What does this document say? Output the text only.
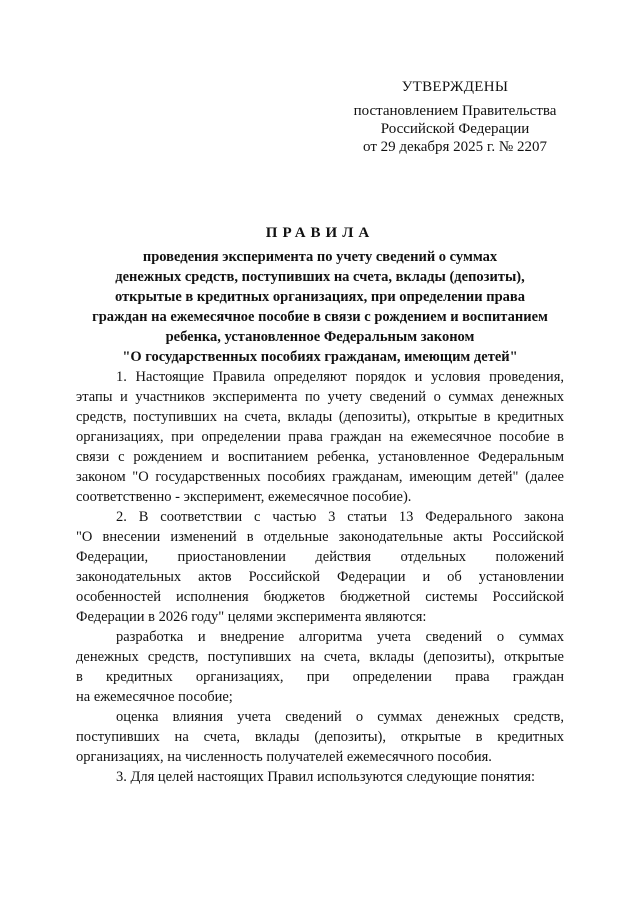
УТВЕРЖДЕНЫ
постановлением Правительства
Российской Федерации
от 29 декабря 2025 г. № 2207
ПРАВИЛА
проведения эксперимента по учету сведений о суммах
денежных средств, поступивших на счета, вклады (депозиты),
открытые в кредитных организациях, при определении права
граждан на ежемесячное пособие в связи с рождением и воспитанием
ребенка, установленное Федеральным законом
"О государственных пособиях гражданам, имеющим детей"
1. Настоящие Правила определяют порядок и условия проведения,
этапы и участников эксперимента по учету сведений о суммах денежных
средств, поступивших на счета, вклады (депозиты), открытые в кредитных
организациях, при определении права граждан на ежемесячное пособие в
связи с рождением и воспитанием ребенка, установленное Федеральным
законом "О государственных пособиях гражданам, имеющим детей" (далее
соответственно - эксперимент, ежемесячное пособие).
2. В соответствии с частью 3 статьи 13 Федерального закона
"О внесении изменений в отдельные законодательные акты Российской
Федерации, приостановлении действия отдельных положений
законодательных актов Российской Федерации и об установлении
особенностей исполнения бюджетов бюджетной системы Российской
Федерации в 2026 году" целями эксперимента являются:
разработка и внедрение алгоритма учета сведений о суммах
денежных средств, поступивших на счета, вклады (депозиты), открытые
в кредитных организациях, при определении права граждан
на ежемесячное пособие;
оценка влияния учета сведений о суммах денежных средств,
поступивших на счета, вклады (депозиты), открытые в кредитных
организациях, на численность получателей ежемесячного пособия.
3. Для целей настоящих Правил используются следующие понятия:
